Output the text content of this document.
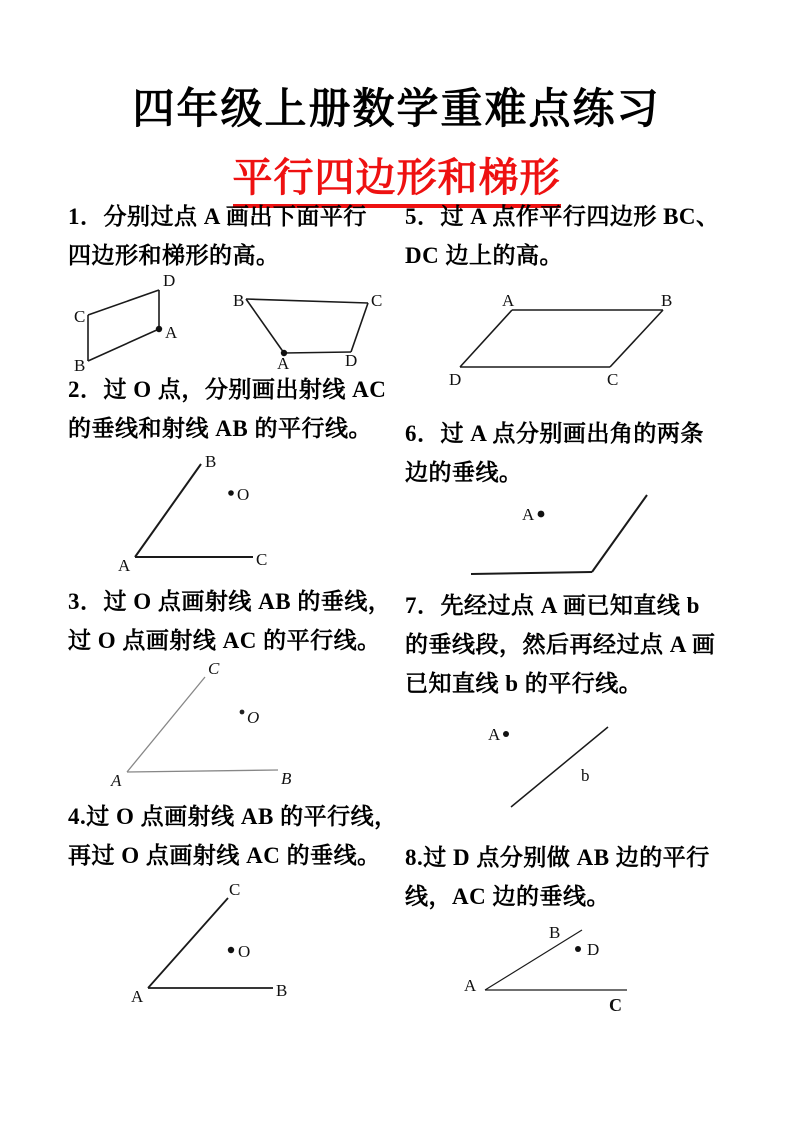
四年级上册数学重难点练习
平行四边形和梯形
1．分别过点 A 画出下面平行
四边形和梯形的高。
D
C
A
B
B	C
A	D
2．过 O 点，分别画出射线 AC
的垂线和射线 AB 的平行线。
B
O
A	C
3．过 O 点画射线 AB 的垂线，
过 O 点画射线 AC 的平行线。
C
O
A	B
4.过 O 点画射线 AB 的平行线，
再过 O 点画射线 AC 的垂线。
C
O
A	B
5．过 A 点作平行四边形 BC、
DC 边上的高。
A	B
D	C
6．过 A 点分别画出角的两条
边的垂线。
A
7．先经过点 A 画已知直线 b
的垂线段，然后再经过点 A 画
已知直线 b 的平行线。
A
b
8.过 D 点分别做 AB 边的平行
线，AC 边的垂线。
A
B
D
C
